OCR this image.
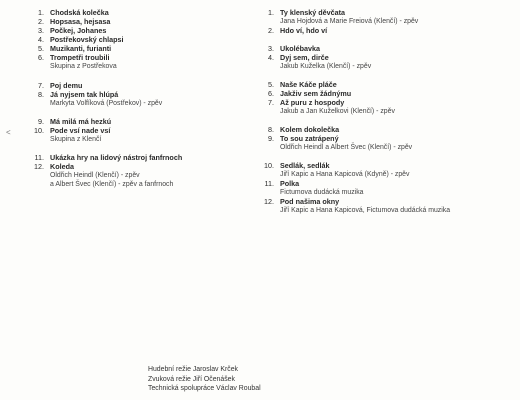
<
1. Chodská kolečka
2. Hopsasa, hejsasa
3. Počkej, Johanes
4. Postřekovský chlapsi
5. Muzikanti, furianti
6. Trompetři troubili
Skupina z Postřekova
7. Poj demu
8. Já nyjsem tak hlúpá
Markyta Volfíková (Postřekov) - zpěv
9. Má milá má hezkú
10. Pode vsí nade vsí
Skupina z Klenčí
11. Ukázka hry na lidový nástroj fanfrnoch
12. Koleda
Oldřich Heindl (Klenčí) - zpěv
a Albert Švec (Klenčí) - zpěv a fanfrnoch
1. Ty klenský děvčata
Jana Hojdová a Marie Freiová (Klenčí) - zpěv
2. Hdo ví, hdo ví
3. Ukolébavka
4. Dyj sem, dirče
Jakub Kuželka (Klenčí) - zpěv
5. Naše Káče pláče
6. Jakživ sem žádnýmu
7. Až puru z hospody
Jakub a Jan Kuželkovi (Klenčí) - zpěv
8. Kolem dokolečka
9. To sou zatrápený
Oldřich Heindl a Albert Švec (Klenčí) - zpěv
10. Sedlák, sedlák
Jiří Kapic a Hana Kapicová (Kdyně) - zpěv
11. Polka
Fictumova dudácká muzika
12. Pod našima okny
Jiří Kapic a Hana Kapicová, Fictumova dudácká muzika
Hudební režie Jaroslav Krček
Zvuková režie Jiří Očenášek
Technická spolupráce Václav Roubal
